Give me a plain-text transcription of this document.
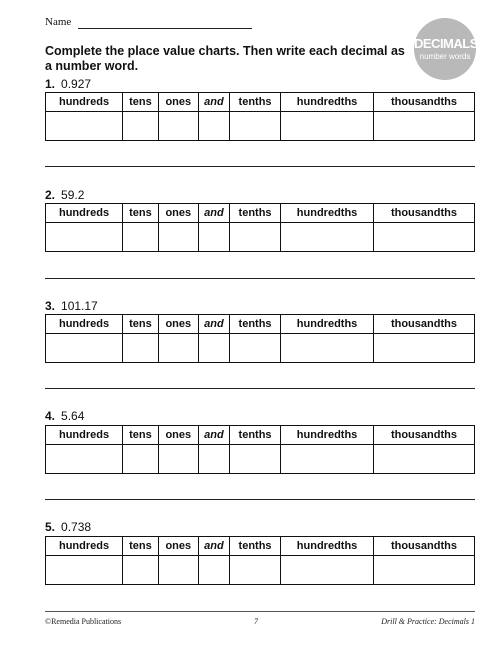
Name
DECIMALS
number words
Complete the place value charts. Then write each decimal as a number word.
1. 0.927
hundreds	tens	ones	and	tenths	hundredths	thousandths

2. 59.2
hundreds	tens	ones	and	tenths	hundredths	thousandths

3. 101.17
hundreds	tens	ones	and	tenths	hundredths	thousandths

4. 5.64
hundreds	tens	ones	and	tenths	hundredths	thousandths

5. 0.738
hundreds	tens	ones	and	tenths	hundredths	thousandths

©Remedia Publications	7	Drill & Practice: Decimals 1
